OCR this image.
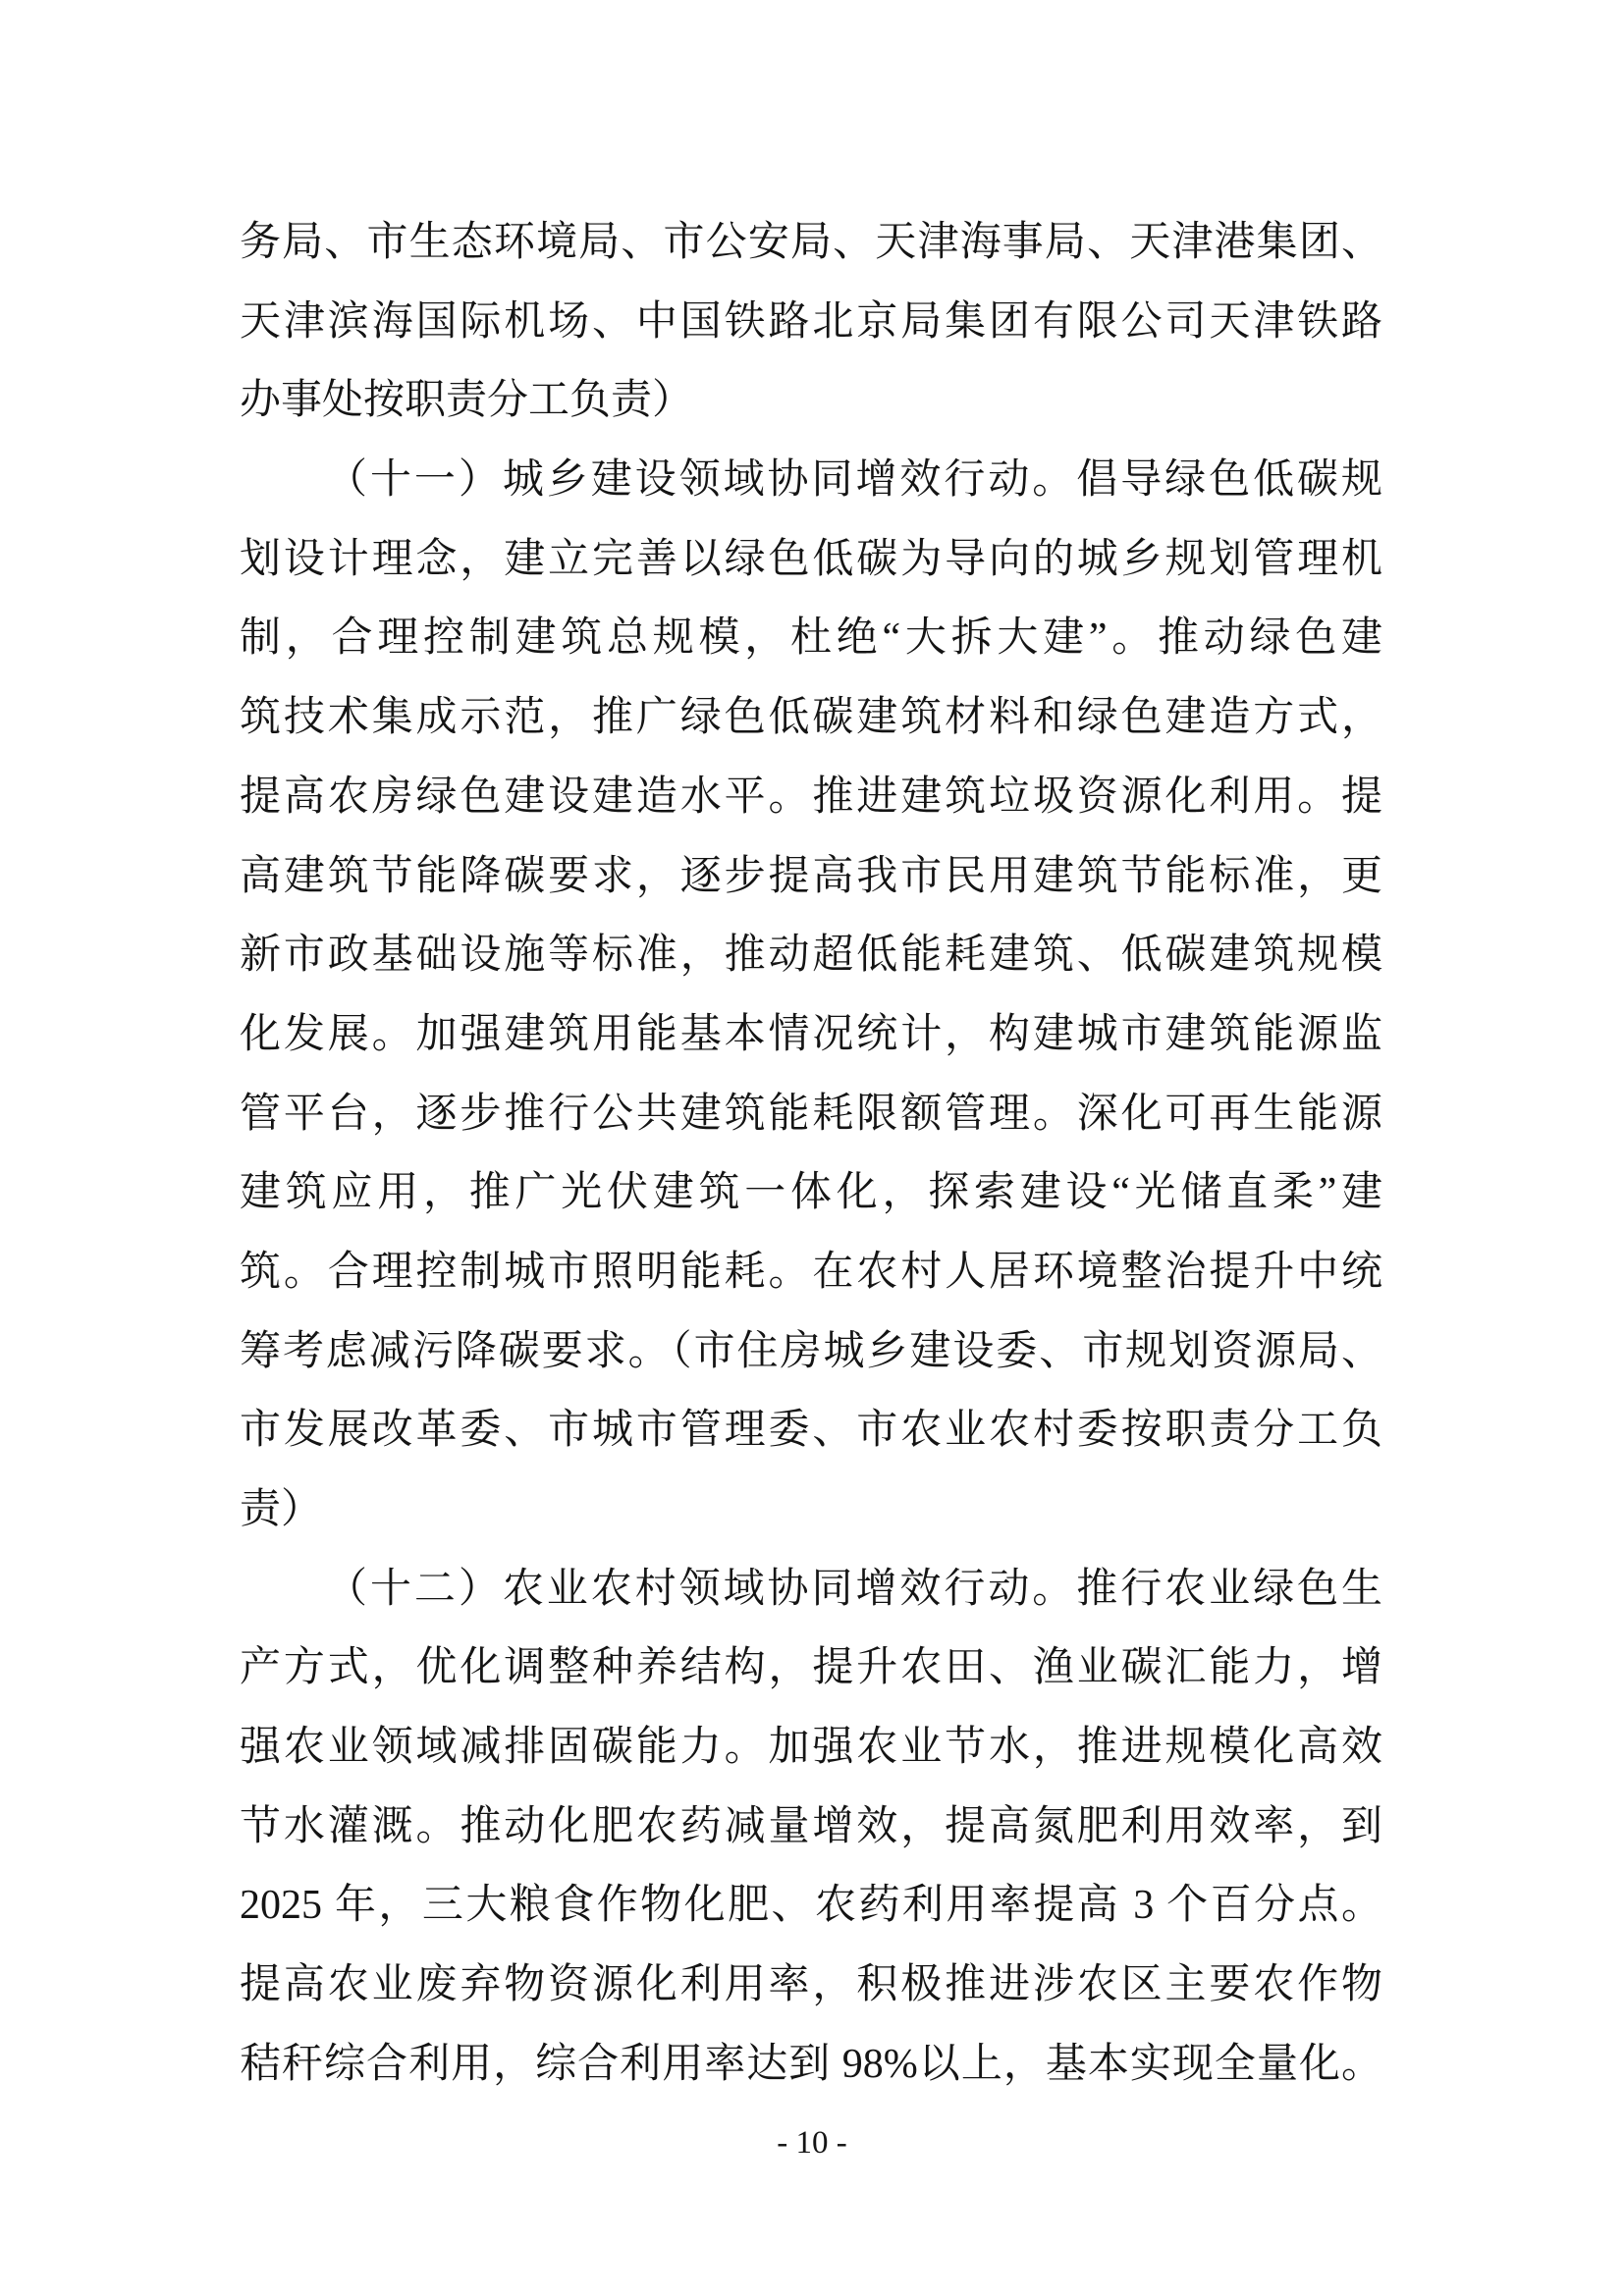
务局、市生态环境局、市公安局、天津海事局、天津港集团、
天津滨海国际机场、中国铁路北京局集团有限公司天津铁路
办事处按职责分工负责）
（十一）城乡建设领域协同增效行动。倡导绿色低碳规
划设计理念，建立完善以绿色低碳为导向的城乡规划管理机
制，合理控制建筑总规模，杜绝“大拆大建”。推动绿色建
筑技术集成示范，推广绿色低碳建筑材料和绿色建造方式，
提高农房绿色建设建造水平。推进建筑垃圾资源化利用。提
高建筑节能降碳要求，逐步提高我市民用建筑节能标准，更
新市政基础设施等标准，推动超低能耗建筑、低碳建筑规模
化发展。加强建筑用能基本情况统计，构建城市建筑能源监
管平台，逐步推行公共建筑能耗限额管理。深化可再生能源
建筑应用，推广光伏建筑一体化，探索建设“光储直柔”建
筑。合理控制城市照明能耗。在农村人居环境整治提升中统
筹考虑减污降碳要求。（市住房城乡建设委、市规划资源局、
市发展改革委、市城市管理委、市农业农村委按职责分工负
责）
（十二）农业农村领域协同增效行动。推行农业绿色生
产方式，优化调整种养结构，提升农田、渔业碳汇能力，增
强农业领域减排固碳能力。加强农业节水，推进规模化高效
节水灌溉。推动化肥农药减量增效，提高氮肥利用效率，到
2025 年，三大粮食作物化肥、农药利用率提高 3 个百分点。
提高农业废弃物资源化利用率，积极推进涉农区主要农作物
秸秆综合利用，综合利用率达到 98%以上，基本实现全量化。
- 10 -
